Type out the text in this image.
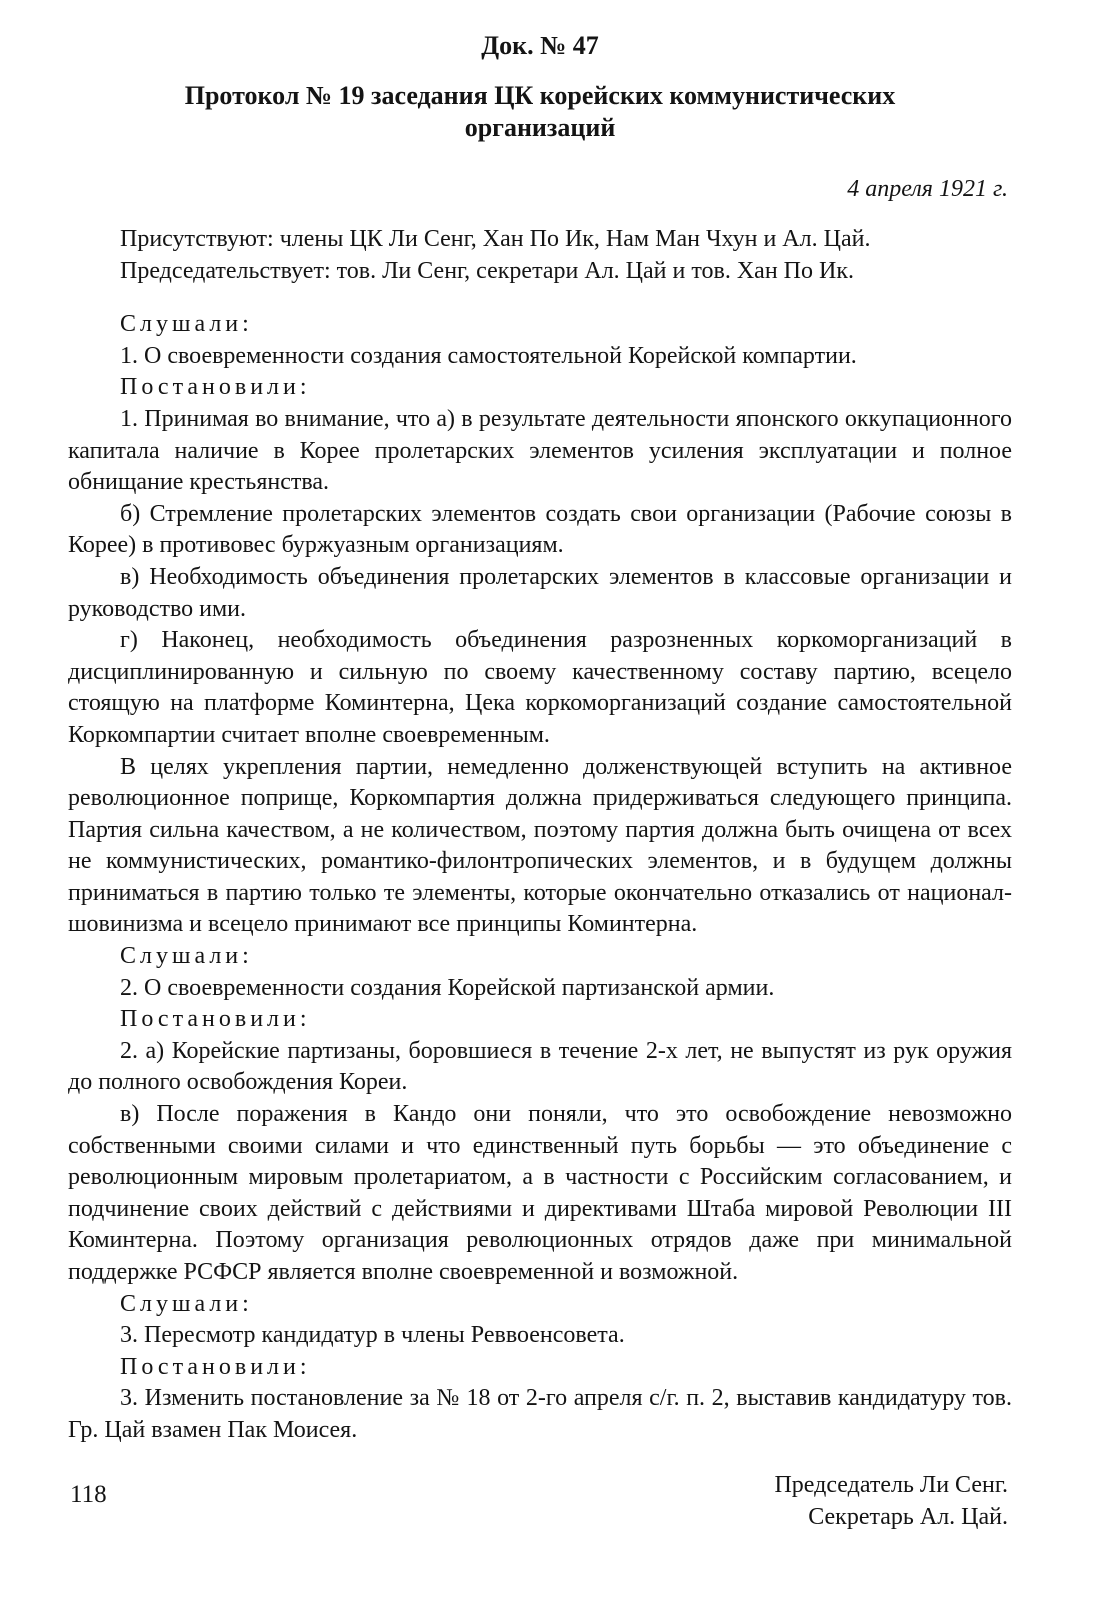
Док. № 47
Протокол № 19 заседания ЦК корейских коммунистических организаций
4 апреля 1921 г.

Присутствуют: члены ЦК Ли Сенг, Хан По Ик, Нам Ман Чхун и Ал. Цай.

Председательствует: тов. Ли Сенг, секретари Ал. Цай и тов. Хан По Ик.

Слушали:

1. О своевременности создания самостоятельной Корейской компартии.

Постановили:

1. Принимая во внимание, что а) в результате деятельности японского оккупационного капитала наличие в Корее пролетарских элементов усиления эксплуатации и полное обнищание крестьянства.

б) Стремление пролетарских элементов создать свои организации (Рабочие союзы в Корее) в противовес буржуазным организациям.

в) Необходимость объединения пролетарских элементов в классовые организации и руководство ими.

г) Наконец, необходимость объединения разрозненных коркоморганизаций в дисциплинированную и сильную по своему качественному составу партию, всецело стоящую на платформе Коминтерна, Цека коркоморганизаций создание самостоятельной Коркомпартии считает вполне своевременным.

В целях укрепления партии, немедленно долженствующей вступить на активное революционное поприще, Коркомпартия должна придерживаться следующего принципа. Партия сильна качеством, а не количеством, поэтому партия должна быть очищена от всех не коммунистических, романтико-филонтропических элементов, и в будущем должны приниматься в партию только те элементы, которые окончательно отказались от национал-шовинизма и всецело принимают все принципы Коминтерна.

Слушали:

2. О своевременности создания Корейской партизанской армии.

Постановили:

2. а) Корейские партизаны, боровшиеся в течение 2-х лет, не выпустят из рук оружия до полного освобождения Кореи.

в) После поражения в Кандо они поняли, что это освобождение невозможно собственными своими силами и что единственный путь борьбы — это объединение с революционным мировым пролетариатом, а в частности с Российским согласованием, и подчинение своих действий с действиями и директивами Штаба мировой Революции III Коминтерна. Поэтому организация революционных отрядов даже при минимальной поддержке РСФСР является вполне своевременной и возможной.

Слушали:

3. Пересмотр кандидатур в члены Реввоенсовета.

Постановили:

3. Изменить постановление за № 18 от 2-го апреля с/г. п. 2, выставив кандидатуру тов. Гр. Цай взамен Пак Моисея.

Председатель Ли Сенг.
Секретарь Ал. Цай.
118
